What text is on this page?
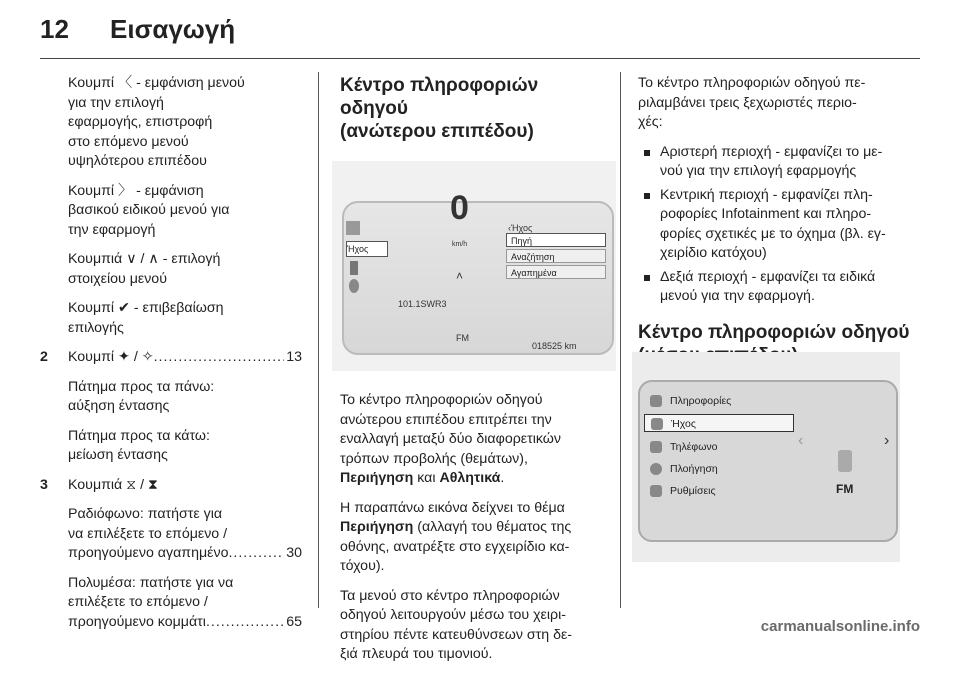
12 Εισαγωγή

Κουμπί 〈 - εμφάνιση μενού
για την επιλογή
εφαρμογής, επιστροφή
στο επόμενο μενού
υψηλότερου επιπέδου

Κουμπί 〉 - εμφάνιση
βασικού ειδικού μενού για
την εφαρμογή

Κουμπιά ∨ / ∧ - επιλογή
στοιχείου μενού

Κουμπί ✔ - επιβεβαίωση
επιλογής

2 Κουμπί ✦ / ✧ .....	13

Πάτημα προς τα πάνω:
αύξηση έντασης

Πάτημα προς τα κάτω:
μείωση έντασης

3 Κουμπιά ⧖ / ⧗
Ραδιόφωνο: πατήστε για
να επιλέξετε το επόμενο /
προηγούμενο αγαπημένο .....	30
Πολυμέσα: πατήστε για να
επιλέξετε το επόμενο /
προηγούμενο κομμάτι .....	65
Κέντρο πληροφοριών οδηγού
(ανώτερου επιπέδου)
Ήχος
0
km/h
101.1SWR3
˄
FM
‹Ήχος
Πηγή
Αναζήτηση
Αγαπημένα
018525 km

Το κέντρο πληροφοριών οδηγού
ανώτερου επιπέδου επιτρέπει την
εναλλαγή μεταξύ δύο διαφορετικών
τρόπων προβολής (θεμάτων),
Περιήγηση και Αθλητικά.

Η παραπάνω εικόνα δείχνει το θέμα
Περιήγηση (αλλαγή του θέματος της
οθόνης, ανατρέξτε στο εγχειρίδιο κα-
τόχου).

Τα μενού στο κέντρο πληροφοριών
οδηγού λειτουργούν μέσω του χειρι-
στηρίου πέντε κατευθύνσεων στη δε-
ξιά πλευρά του τιμονιού.

Το κέντρο πληροφοριών οδηγού πε-
ριλαμβάνει τρεις ξεχωριστές περιο-
χές:

Αριστερή περιοχή - εμφανίζει το με-
νού για την επιλογή εφαρμογής
Κεντρική περιοχή - εμφανίζει πλη-
ροφορίες Infotainment και πληρο-
φορίες σχετικές με το όχημα (βλ. εγ-
χειρίδιο κατόχου)
Δεξιά περιοχή - εμφανίζει τα ειδικά
μενού για την εφαρμογή.
Κέντρο πληροφοριών οδηγού

Πληροφορίες
Ήχος
Τηλέφωνο
Πλοήγηση
Ρυθμίσεις
‹	›
FM
carmanualsonline.info
